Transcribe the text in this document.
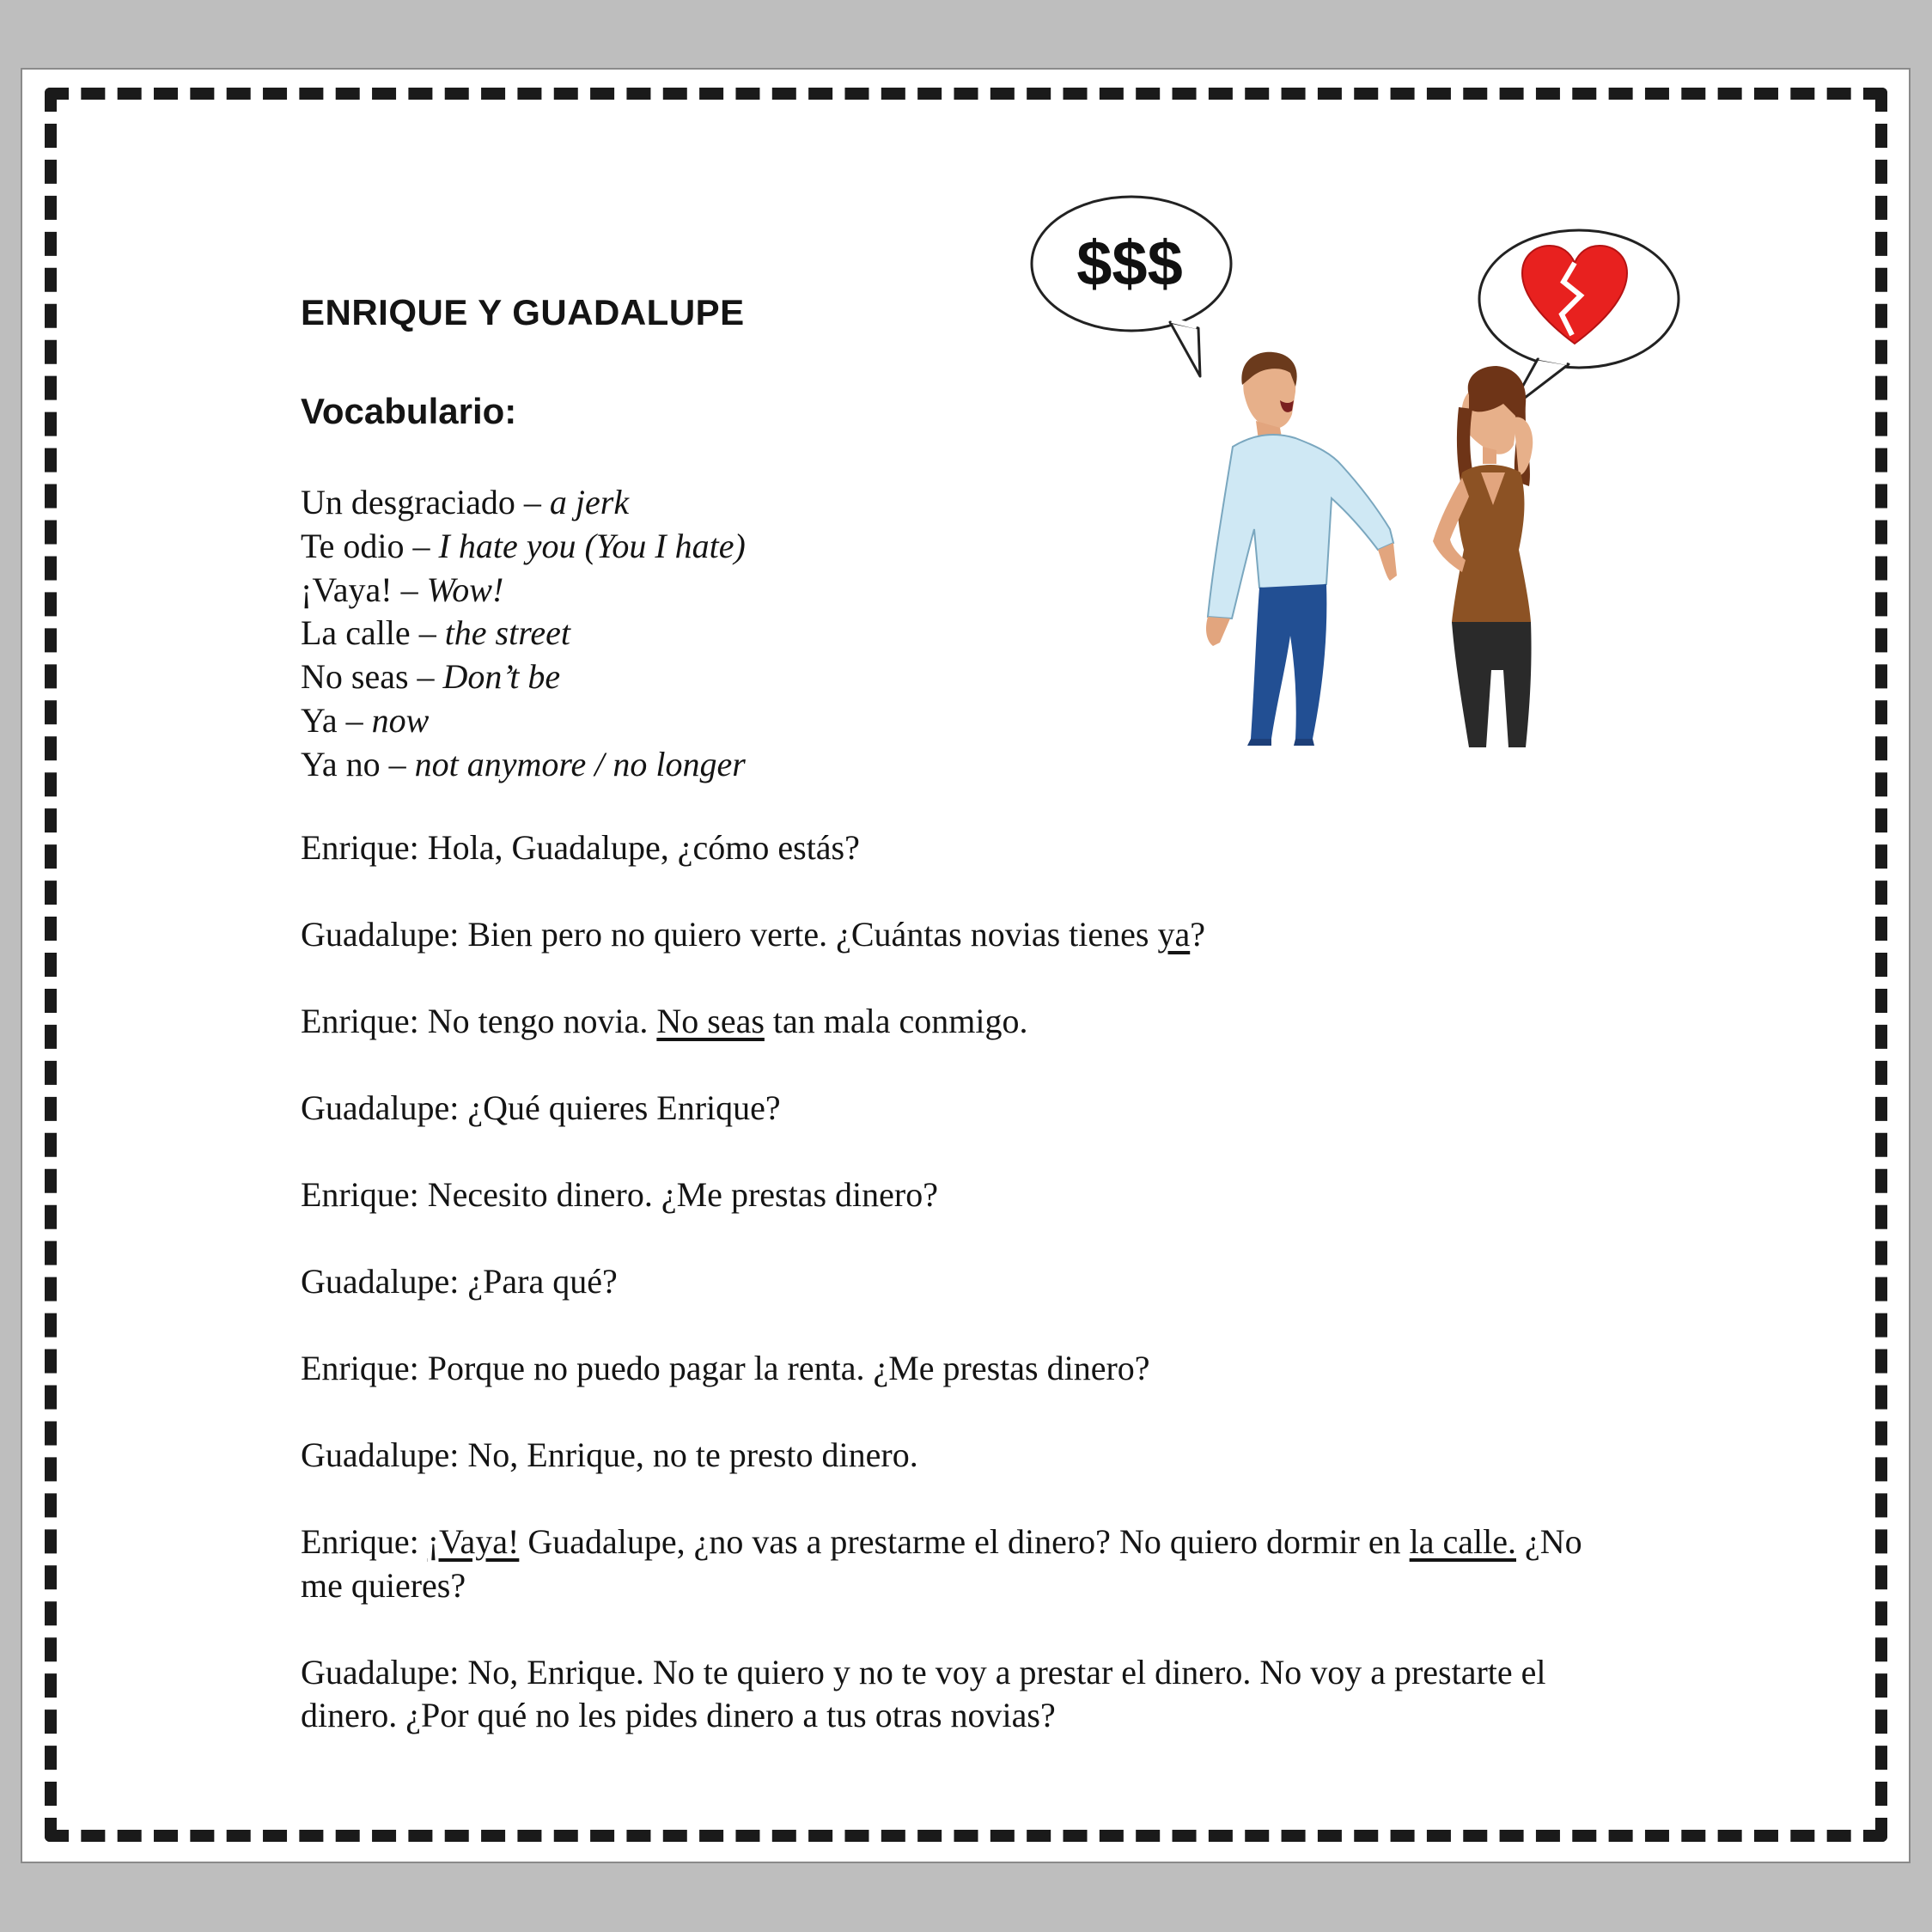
ENRIQUE Y GUADALUPE
Vocabulario:
Un desgraciado – a jerk
Te odio – I hate you (You I hate)
¡Vaya! – Wow!
La calle – the street
No seas – Don’t be
Ya – now
Ya no – not anymore / no longer
$$$
Enrique: Hola, Guadalupe, ¿cómo estás?
Guadalupe: Bien pero no quiero verte. ¿Cuántas novias tienes ya?
Enrique: No tengo novia. No seas tan mala conmigo.
Guadalupe: ¿Qué quieres Enrique?
Enrique: Necesito dinero. ¿Me prestas dinero?
Guadalupe: ¿Para qué?
Enrique: Porque no puedo pagar la renta. ¿Me prestas dinero?
Guadalupe: No, Enrique, no te presto dinero.
Enrique: ¡Vaya! Guadalupe, ¿no vas a prestarme el dinero? No quiero dormir en la calle. ¿No me quieres?
Guadalupe: No, Enrique. No te quiero y no te voy a prestar el dinero. No voy a prestarte el dinero. ¿Por qué no les pides dinero a tus otras novias?
